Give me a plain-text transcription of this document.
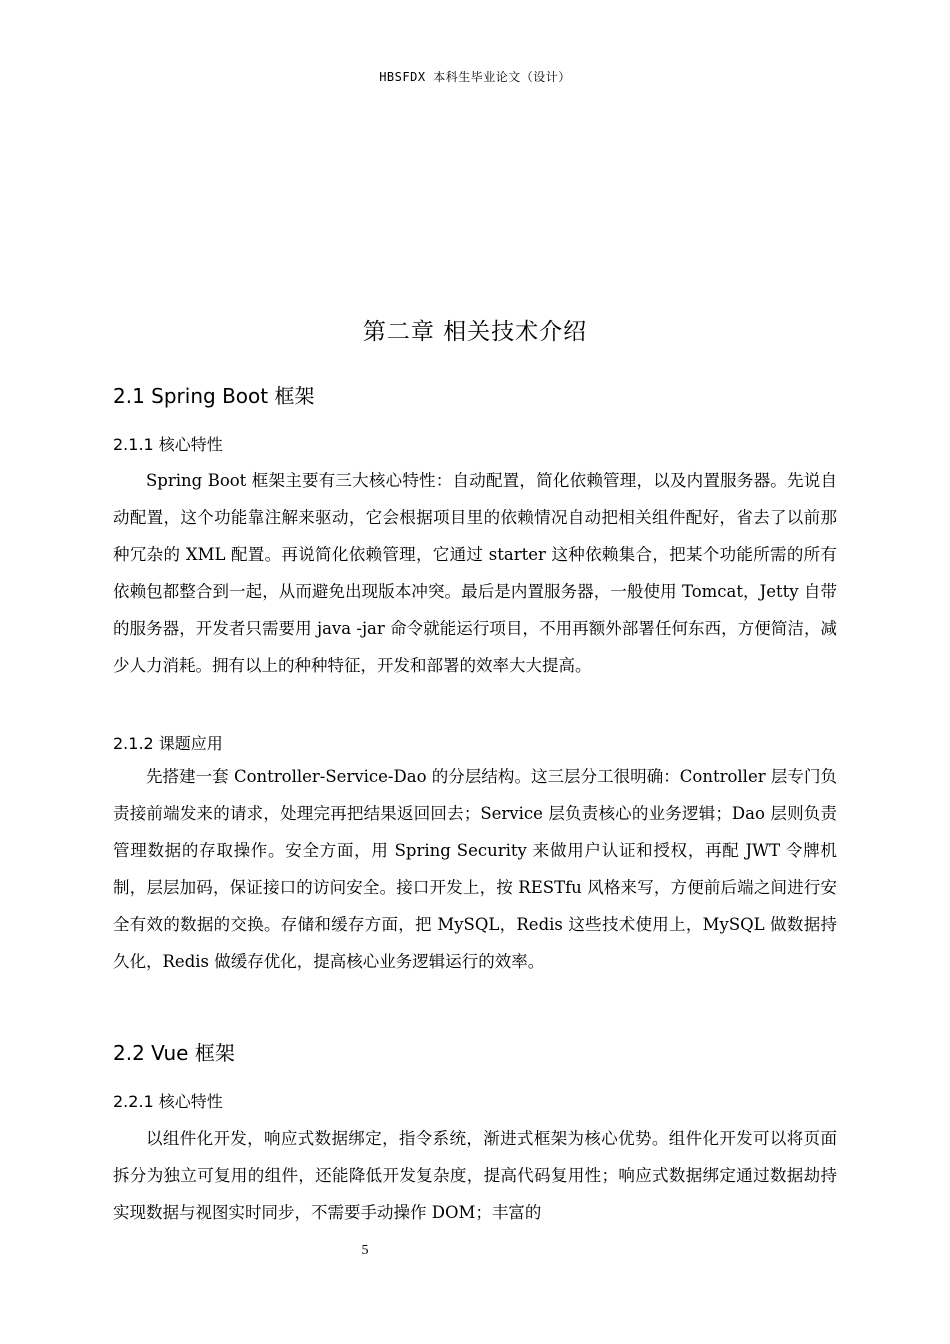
HBSFDX 本科生毕业论文（设计）
第二章 相关技术介绍
2.1 Spring Boot 框架
2.1.1 核心特性

Spring Boot 框架主要有三大核心特性：自动配置，简化依赖管理，以及内置服务器。先说自动配置，这个功能靠注解来驱动，它会根据项目里的依赖情况自动把相关组件配好，省去了以前那种冗杂的 XML 配置。再说简化依赖管理，它通过 starter 这种依赖集合，把某个功能所需的所有依赖包都整合到一起，从而避免出现版本冲突。最后是内置服务器，一般使用 Tomcat，Jetty 自带的服务器，开发者只需要用 java -jar 命令就能运行项目，不用再额外部署任何东西，方便简洁，减少人力消耗。拥有以上的种种特征，开发和部署的效率大大提高。

2.1.2 课题应用

先搭建一套 Controller-Service-Dao 的分层结构。这三层分工很明确：Controller 层专门负责接前端发来的请求，处理完再把结果返回回去；Service 层负责核心的业务逻辑；Dao 层则负责管理数据的存取操作。安全方面，用 Spring Security 来做用户认证和授权，再配 JWT 令牌机制，层层加码，保证接口的访问安全。接口开发上，按 RESTfu 风格来写，方便前后端之间进行安全有效的数据的交换。存储和缓存方面，把 MySQL，Redis 这些技术使用上，MySQL 做数据持久化，Redis 做缓存优化，提高核心业务逻辑运行的效率。

2.2 Vue 框架
2.2.1 核心特性

以组件化开发，响应式数据绑定，指令系统，渐进式框架为核心优势。组件化开发可以将页面拆分为独立可复用的组件，还能降低开发复杂度，提高代码复用性；响应式数据绑定通过数据劫持实现数据与视图实时同步，不需要手动操作 DOM；丰富的

5
